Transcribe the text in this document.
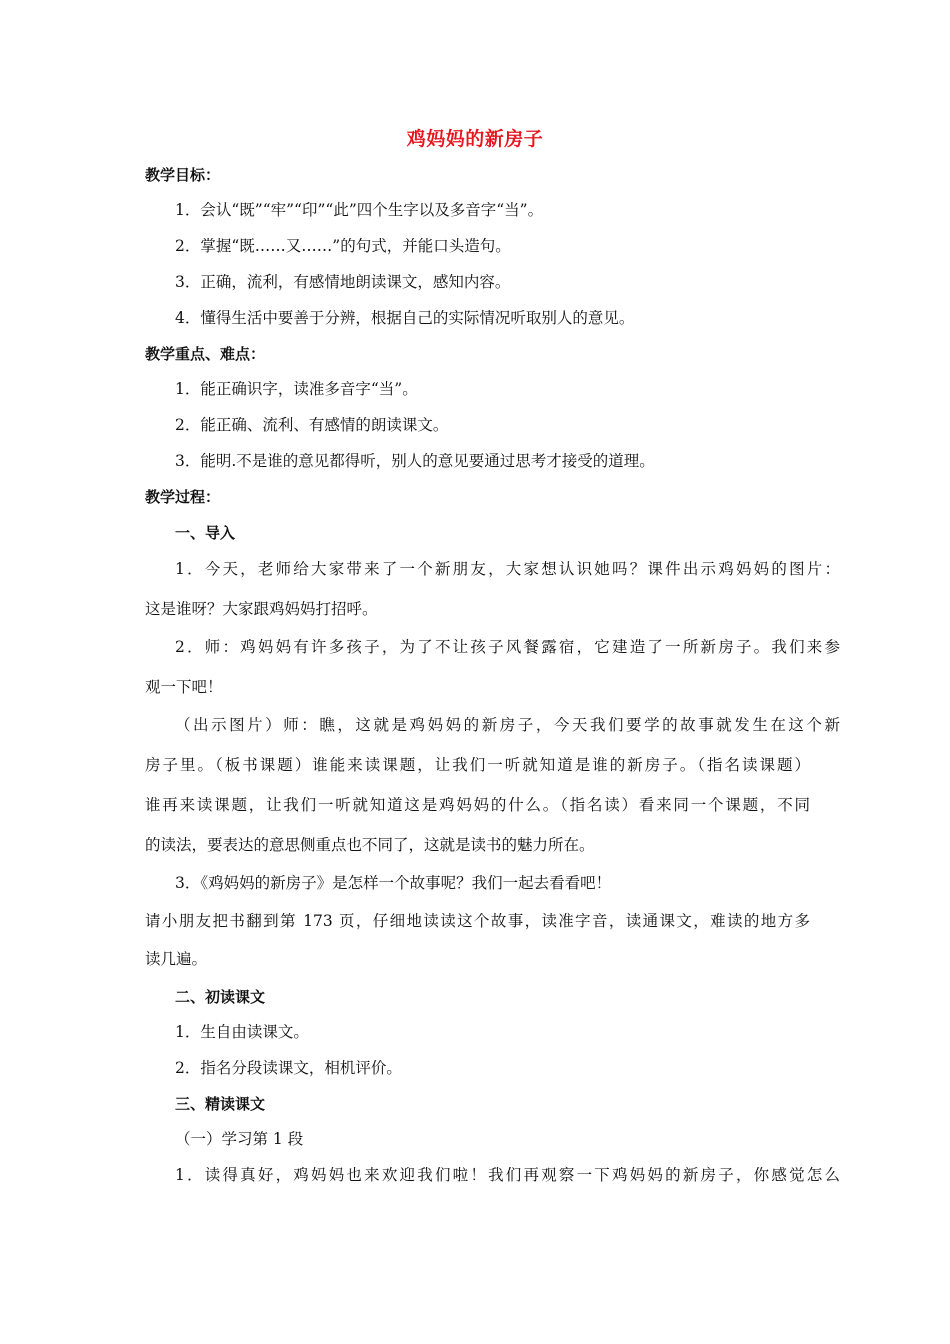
鸡妈妈的新房子

教学目标：

1．会认“既”“牢”“印”“此”四个生字以及多音字“当”。

2．掌握“既……又……”的句式，并能口头造句。

3．正确，流利，有感情地朗读课文，感知内容。

4．懂得生活中要善于分辨，根据自己的实际情况听取别人的意见。

教学重点、难点：

1．能正确识字，读准多音字“当”。

2．能正确、流利、有感情的朗读课文。

3．能明.不是谁的意见都得听，别人的意见要通过思考才接受的道理。

教学过程：

一、导入

1．今天，老师给大家带来了一个新朋友，大家想认识她吗？课件出示鸡妈妈的图片：

这是谁呀？大家跟鸡妈妈打招呼。

2．师：鸡妈妈有许多孩子，为了不让孩子风餐露宿，它建造了一所新房子。我们来参

观一下吧！

（出示图片）师：瞧，这就是鸡妈妈的新房子，今天我们要学的故事就发生在这个新

房子里。（板书课题）谁能来读课题，让我们一听就知道是谁的新房子。（指名读课题）

谁再来读课题，让我们一听就知道这是鸡妈妈的什么。（指名读）看来同一个课题，不同

的读法，要表达的意思侧重点也不同了，这就是读书的魅力所在。

3．《鸡妈妈的新房子》是怎样一个故事呢？我们一起去看看吧！

请小朋友把书翻到第 173 页，仔细地读读这个故事，读准字音，读通课文，难读的地方多

读几遍。

二、初读课文

1．生自由读课文。

2．指名分段读课文，相机评价。

三、精读课文

（一）学习第 1 段

1．读得真好，鸡妈妈也来欢迎我们啦！我们再观察一下鸡妈妈的新房子，你感觉怎么
